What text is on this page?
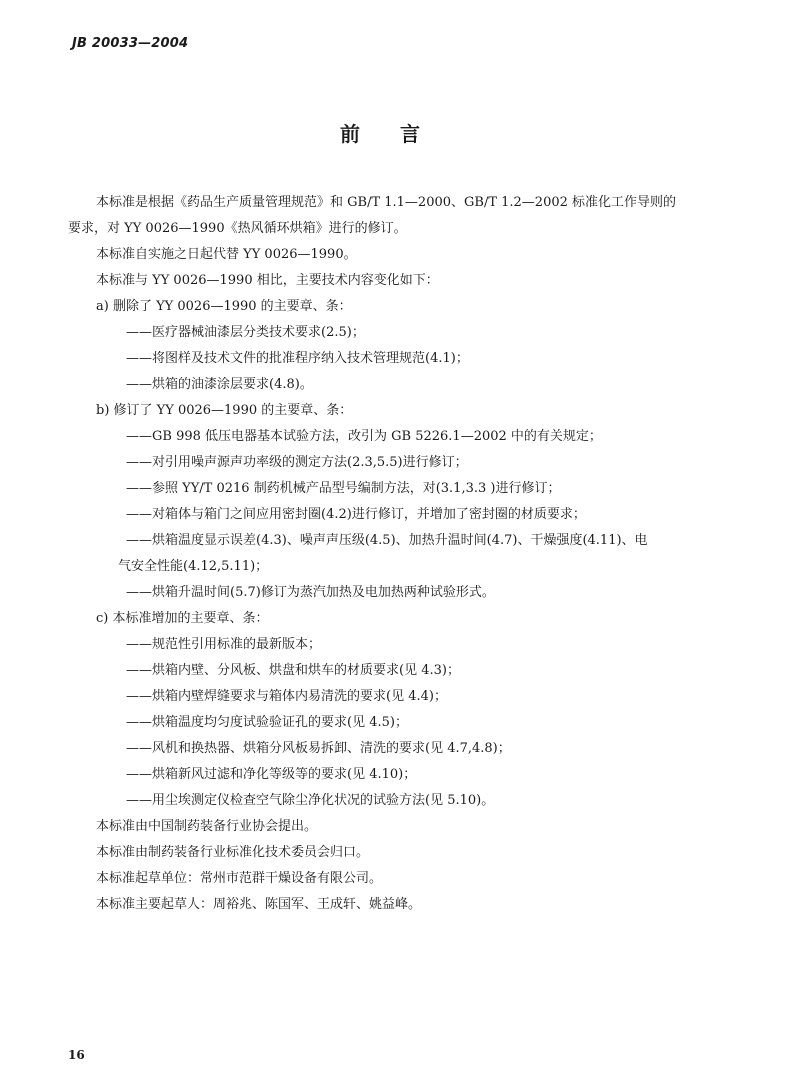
JB 20033—2004
前言

本标准是根据《药品生产质量管理规范》和 GB/T 1.1—2000、GB/T 1.2—2002 标准化工作导则的

要求，对 YY 0026—1990《热风循环烘箱》进行的修订。

本标准自实施之日起代替 YY 0026—1990。

本标准与 YY 0026—1990 相比，主要技术内容变化如下：

a) 删除了 YY 0026—1990 的主要章、条：

——医疗器械油漆层分类技术要求(2.5)；

——将图样及技术文件的批准程序纳入技术管理规范(4.1)；

——烘箱的油漆涂层要求(4.8)。

b) 修订了 YY 0026—1990 的主要章、条：

——GB 998 低压电器基本试验方法，改引为 GB 5226.1—2002 中的有关规定；

——对引用噪声源声功率级的测定方法(2.3,5.5)进行修订；

——参照 YY/T 0216 制药机械产品型号编制方法，对(3.1,3.3 )进行修订；

——对箱体与箱门之间应用密封圈(4.2)进行修订，并增加了密封圈的材质要求；

——烘箱温度显示误差(4.3)、噪声声压级(4.5)、加热升温时间(4.7)、干燥强度(4.11)、电

气安全性能(4.12,5.11)；

——烘箱升温时间(5.7)修订为蒸汽加热及电加热两种试验形式。

c) 本标准增加的主要章、条：

——规范性引用标准的最新版本；

——烘箱内壁、分风板、烘盘和烘车的材质要求(见 4.3)；

——烘箱内壁焊缝要求与箱体内易清洗的要求(见 4.4)；

——烘箱温度均匀度试验验证孔的要求(见 4.5)；

——风机和换热器、烘箱分风板易拆卸、清洗的要求(见 4.7,4.8)；

——烘箱新风过滤和净化等级等的要求(见 4.10)；

——用尘埃测定仪检查空气除尘净化状况的试验方法(见 5.10)。

本标准由中国制药装备行业协会提出。

本标准由制药装备行业标准化技术委员会归口。

本标准起草单位：常州市范群干燥设备有限公司。

本标准主要起草人：周裕兆、陈国军、王成轩、姚益峰。

16
